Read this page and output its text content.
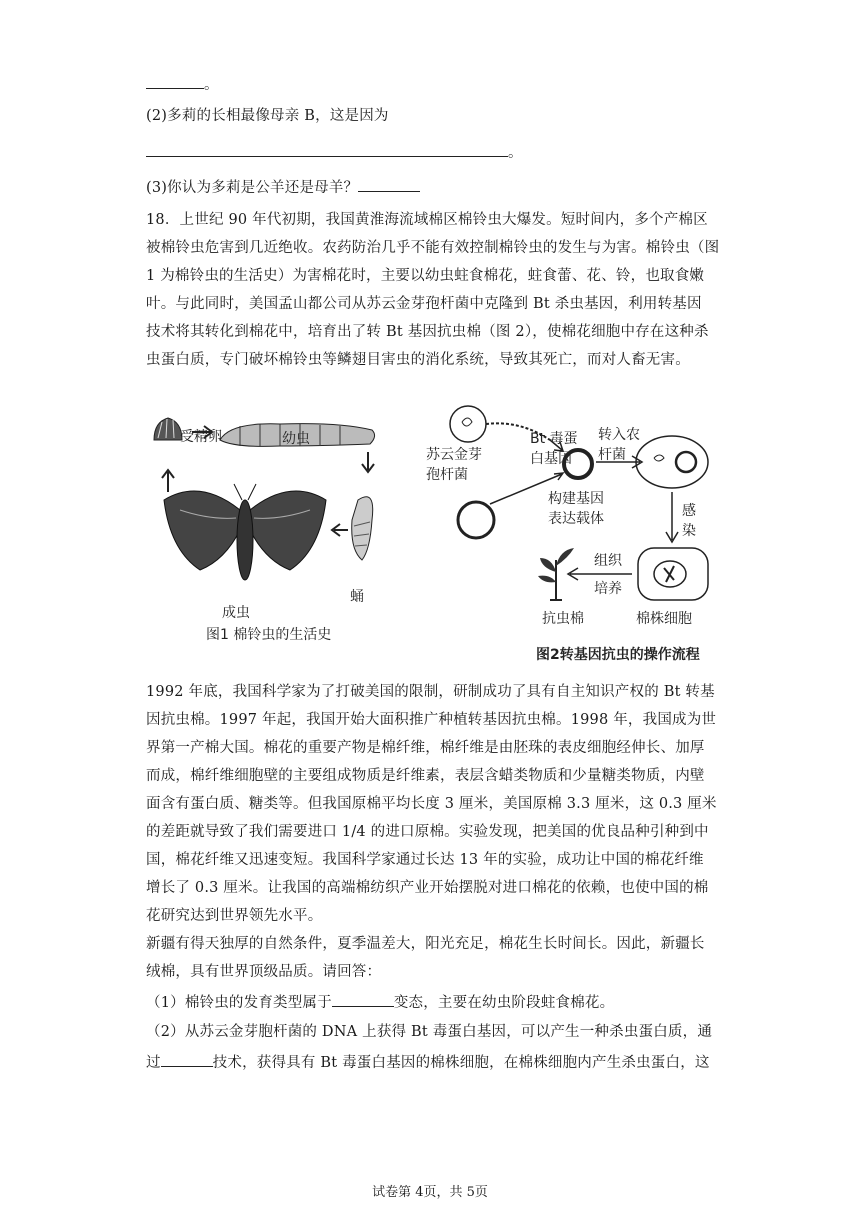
。
(2)多莉的长相最像母亲 B，这是因为
。
(3)你认为多莉是公羊还是母羊？
18．上世纪 90 年代初期，我国黄淮海流域棉区棉铃虫大爆发。短时间内，多个产棉区
被棉铃虫危害到几近绝收。农药防治几乎不能有效控制棉铃虫的发生与为害。棉铃虫（图
1 为棉铃虫的生活史）为害棉花时，主要以幼虫蛀食棉花，蛀食蕾、花、铃，也取食嫩
叶。与此同时，美国孟山都公司从苏云金芽孢杆菌中克隆到 Bt 杀虫基因，利用转基因
技术将其转化到棉花中，培育出了转 Bt 基因抗虫棉（图 2），使棉花细胞中存在这种杀
虫蛋白质，专门破坏棉铃虫等鳞翅目害虫的消化系统，导致其死亡，而对人畜无害。
受精卵	幼虫
蛹
成虫
图1 棉铃虫的生活史
苏云金芽
孢杆菌
Bt 毒蛋
白基因
转入农
杆菌
构建基因
表达载体	感
染
组织
培养
抗虫棉	棉株细胞
图2转基因抗虫的操作流程
1992 年底，我国科学家为了打破美国的限制，研制成功了具有自主知识产权的 Bt 转基
因抗虫棉。1997 年起，我国开始大面积推广种植转基因抗虫棉。1998 年，我国成为世
界第一产棉大国。棉花的重要产物是棉纤维，棉纤维是由胚珠的表皮细胞经伸长、加厚
而成，棉纤维细胞壁的主要组成物质是纤维素，表层含蜡类物质和少量糖类物质，内壁
面含有蛋白质、糖类等。但我国原棉平均长度 3 厘米，美国原棉 3.3 厘米，这 0.3 厘米
的差距就导致了我们需要进口 1/4 的进口原棉。实验发现，把美国的优良品种引种到中
国，棉花纤维又迅速变短。我国科学家通过长达 13 年的实验，成功让中国的棉花纤维
增长了 0.3 厘米。让我国的高端棉纺织产业开始摆脱对进口棉花的依赖，也使中国的棉
花研究达到世界领先水平。
新疆有得天独厚的自然条件，夏季温差大，阳光充足，棉花生长时间长。因此，新疆长
绒棉，具有世界顶级品质。请回答：
（1）棉铃虫的发育类型属于	变态，主要在幼虫阶段蛀食棉花。
（2）从苏云金芽胞杆菌的 DNA 上获得 Bt 毒蛋白基因，可以产生一种杀虫蛋白质，通
过	技术，获得具有 Bt 毒蛋白基因的棉株细胞，在棉株细胞内产生杀虫蛋白，这
试卷第 4页，共 5页
